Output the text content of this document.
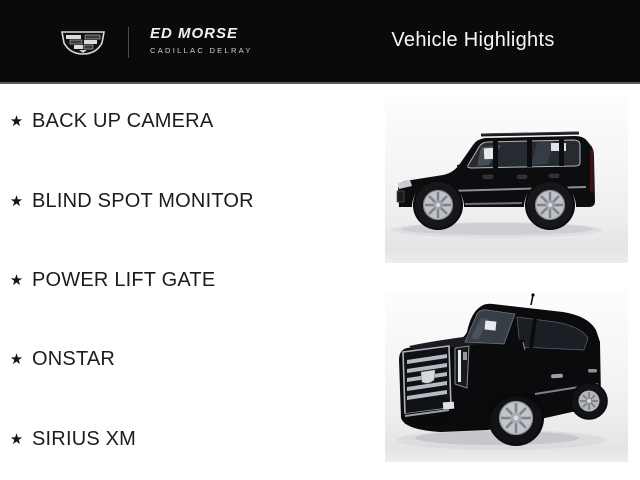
ED MORSE
CADILLAC DELRAY	Vehicle Highlights
★ BACK UP CAMERA
★ BLIND SPOT MONITOR
★ POWER LIFT GATE
★ ONSTAR
★ SIRIUS XM
